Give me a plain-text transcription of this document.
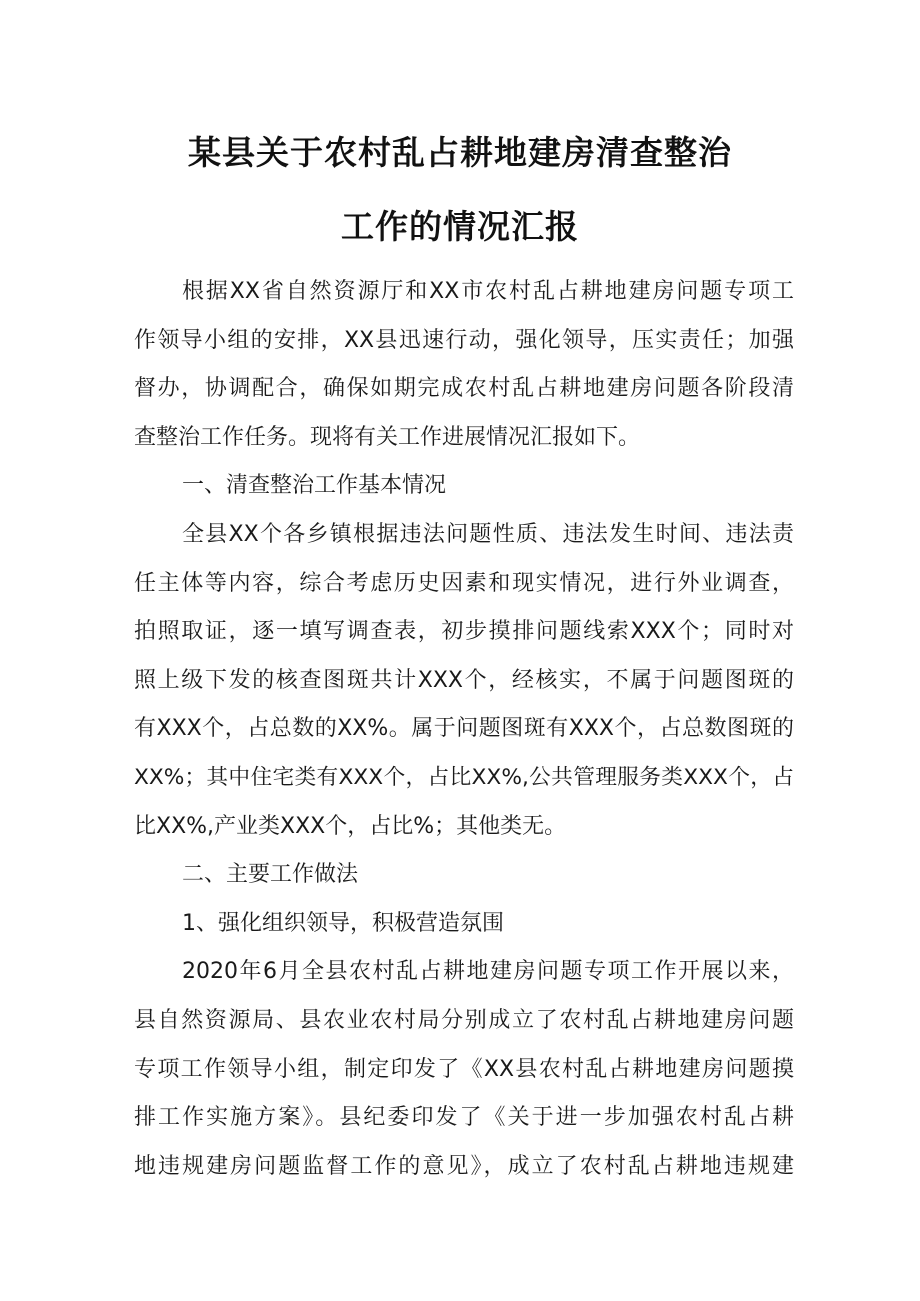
某县关于农村乱占耕地建房清查整治
工作的情况汇报
根据XX省自然资源厅和XX市农村乱占耕地建房问题专项工
作领导小组的安排，XX县迅速行动，强化领导，压实责任；加强
督办，协调配合，确保如期完成农村乱占耕地建房问题各阶段清
查整治工作任务。现将有关工作进展情况汇报如下。
一、清查整治工作基本情况
全县XX个各乡镇根据违法问题性质、违法发生时间、违法责
任主体等内容，综合考虑历史因素和现实情况，进行外业调查，
拍照取证，逐一填写调查表，初步摸排问题线索XXX个；同时对
照上级下发的核查图斑共计XXX个，经核实，不属于问题图斑的
有XXX个，占总数的XX%。属于问题图斑有XXX个，占总数图斑的
XX%；其中住宅类有XXX个，占比XX%,公共管理服务类XXX个，占
比XX%,产业类XXX个，占比%；其他类无。
二、主要工作做法
1、强化组织领导，积极营造氛围
2020年6月全县农村乱占耕地建房问题专项工作开展以来，
县自然资源局、县农业农村局分别成立了农村乱占耕地建房问题
专项工作领导小组，制定印发了《XX县农村乱占耕地建房问题摸
排工作实施方案》。县纪委印发了《关于进一步加强农村乱占耕
地违规建房问题监督工作的意见》，成立了农村乱占耕地违规建
